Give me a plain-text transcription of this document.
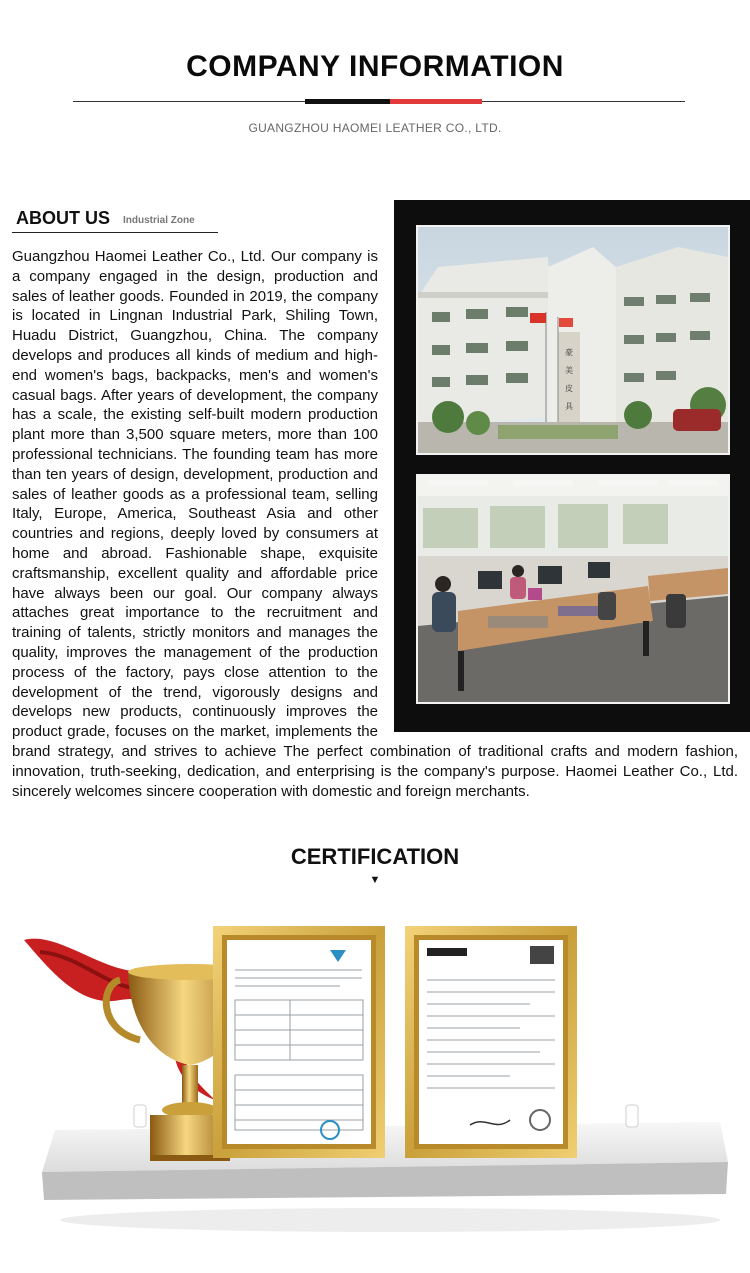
COMPANY INFORMATION
GUANGZHOU HAOMEI LEATHER CO., LTD.
ABOUT US Industrial Zone
豪
美
皮
具

Guangzhou Haomei Leather Co., Ltd. Our company is a company engaged in the design, production and sales of leather goods. Founded in 2019, the company is located in Lingnan Industrial Park, Shiling Town, Huadu District, Guangzhou, China. The company develops and produces all kinds of medium and high-end women's bags, backpacks, men's and women's casual bags. After years of development, the company has a scale, the existing self-built modern production plant more than 3,500 square meters, more than 100 professional technicians. The founding team has more than ten years of design, development, production and sales of leather goods as a professional team, selling Italy, Europe, America, Southeast Asia and other countries and regions, deeply loved by consumers at home and abroad. Fashionable shape, exquisite craftsmanship, excellent quality and affordable price have always been our goal. Our company always attaches great importance to the recruitment and training of talents, strictly monitors and manages the quality, improves the management of the production process of the factory, pays close attention to the development of the trend, vigorously designs and develops new products, continuously improves the product grade, focuses on the market, implements the brand strategy, and strives to achieve The perfect combination of traditional crafts and modern fashion, innovation, truth-seeking, dedication, and enterprising is the company's purpose. Haomei Leather Co., Ltd. sincerely welcomes sincere cooperation with domestic and foreign merchants.

CERTIFICATION
▼
